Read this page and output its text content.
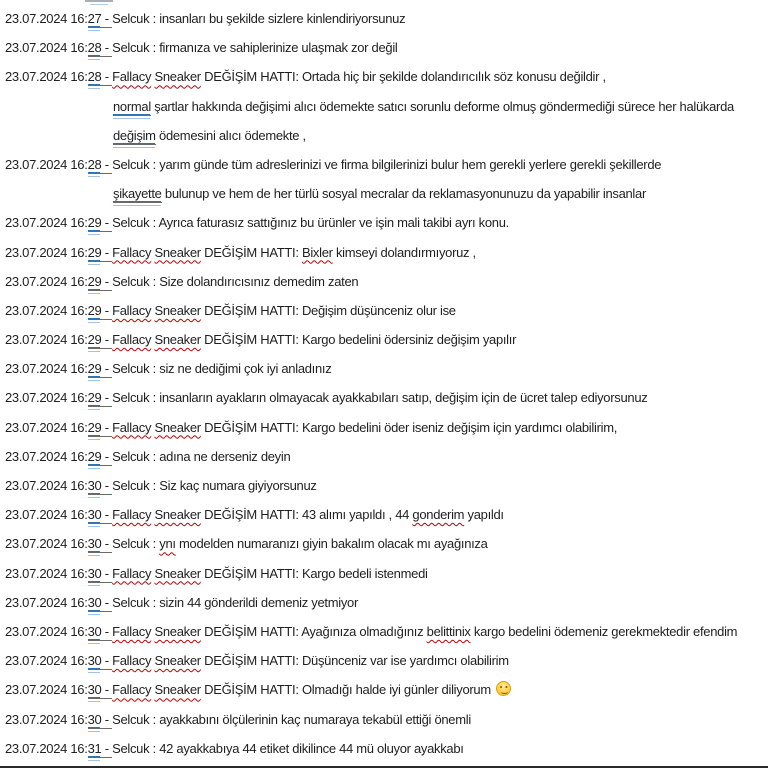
23.07.2024 16:27 - Selcuk : insanları bu şekilde sizlere kinlendiriyorsunuz
23.07.2024 16:28 - Selcuk : firmanıza ve sahiplerinize ulaşmak zor değil
23.07.2024 16:28 - Fallacy Sneaker DEĞİŞİM HATTI: Ortada hiç bir şekilde dolandırıcılık söz konusu değildir ,
normal şartlar hakkında değişimi alıcı ödemekte satıcı sorunlu deforme olmuş göndermediği sürece her halükarda
değişim ödemesini alıcı ödemekte ,
23.07.2024 16:28 - Selcuk : yarım günde tüm adreslerinizi ve firma bilgilerinizi bulur hem gerekli yerlere gerekli şekillerde
şikayette bulunup ve hem de her türlü sosyal mecralar da reklamasyonunuzu da yapabilir insanlar
23.07.2024 16:29 - Selcuk : Ayrıca faturasız sattığınız bu ürünler ve işin mali takibi ayrı konu.
23.07.2024 16:29 - Fallacy Sneaker DEĞİŞİM HATTI: Bixler kimseyi dolandırmıyoruz ,
23.07.2024 16:29 - Selcuk : Size dolandırıcısınız demedim zaten
23.07.2024 16:29 - Fallacy Sneaker DEĞİŞİM HATTI: Değişim düşünceniz olur ise
23.07.2024 16:29 - Fallacy Sneaker DEĞİŞİM HATTI: Kargo bedelini ödersiniz değişim yapılır
23.07.2024 16:29 - Selcuk : siz ne dediğimi çok iyi anladınız
23.07.2024 16:29 - Selcuk : insanların ayakların olmayacak ayakkabıları satıp, değişim için de ücret talep ediyorsunuz
23.07.2024 16:29 - Fallacy Sneaker DEĞİŞİM HATTI: Kargo bedelini öder iseniz değişim için yardımcı olabilirim,
23.07.2024 16:29 - Selcuk : adına ne derseniz deyin
23.07.2024 16:30 - Selcuk : Siz kaç numara giyiyorsunuz
23.07.2024 16:30 - Fallacy Sneaker DEĞİŞİM HATTI: 43 alımı yapıldı , 44 gonderim yapıldı
23.07.2024 16:30 - Selcuk : ynı modelden numaranızı giyin bakalım olacak mı ayağınıza
23.07.2024 16:30 - Fallacy Sneaker DEĞİŞİM HATTI: Kargo bedeli istenmedi
23.07.2024 16:30 - Selcuk : sizin 44 gönderildi demeniz yetmiyor
23.07.2024 16:30 - Fallacy Sneaker DEĞİŞİM HATTI: Ayağınıza olmadığınız belittinix kargo bedelini ödemeniz gerekmektedir efendim
23.07.2024 16:30 - Fallacy Sneaker DEĞİŞİM HATTI: Düşünceniz var ise yardımcı olabilirim
23.07.2024 16:30 - Fallacy Sneaker DEĞİŞİM HATTI: Olmadığı halde iyi günler diliyorum
23.07.2024 16:30 - Selcuk : ayakkabını ölçülerinin kaç numaraya tekabül ettiği önemli
23.07.2024 16:31 - Selcuk : 42 ayakkabıya 44 etiket dikilince 44 mü oluyor ayakkabı
